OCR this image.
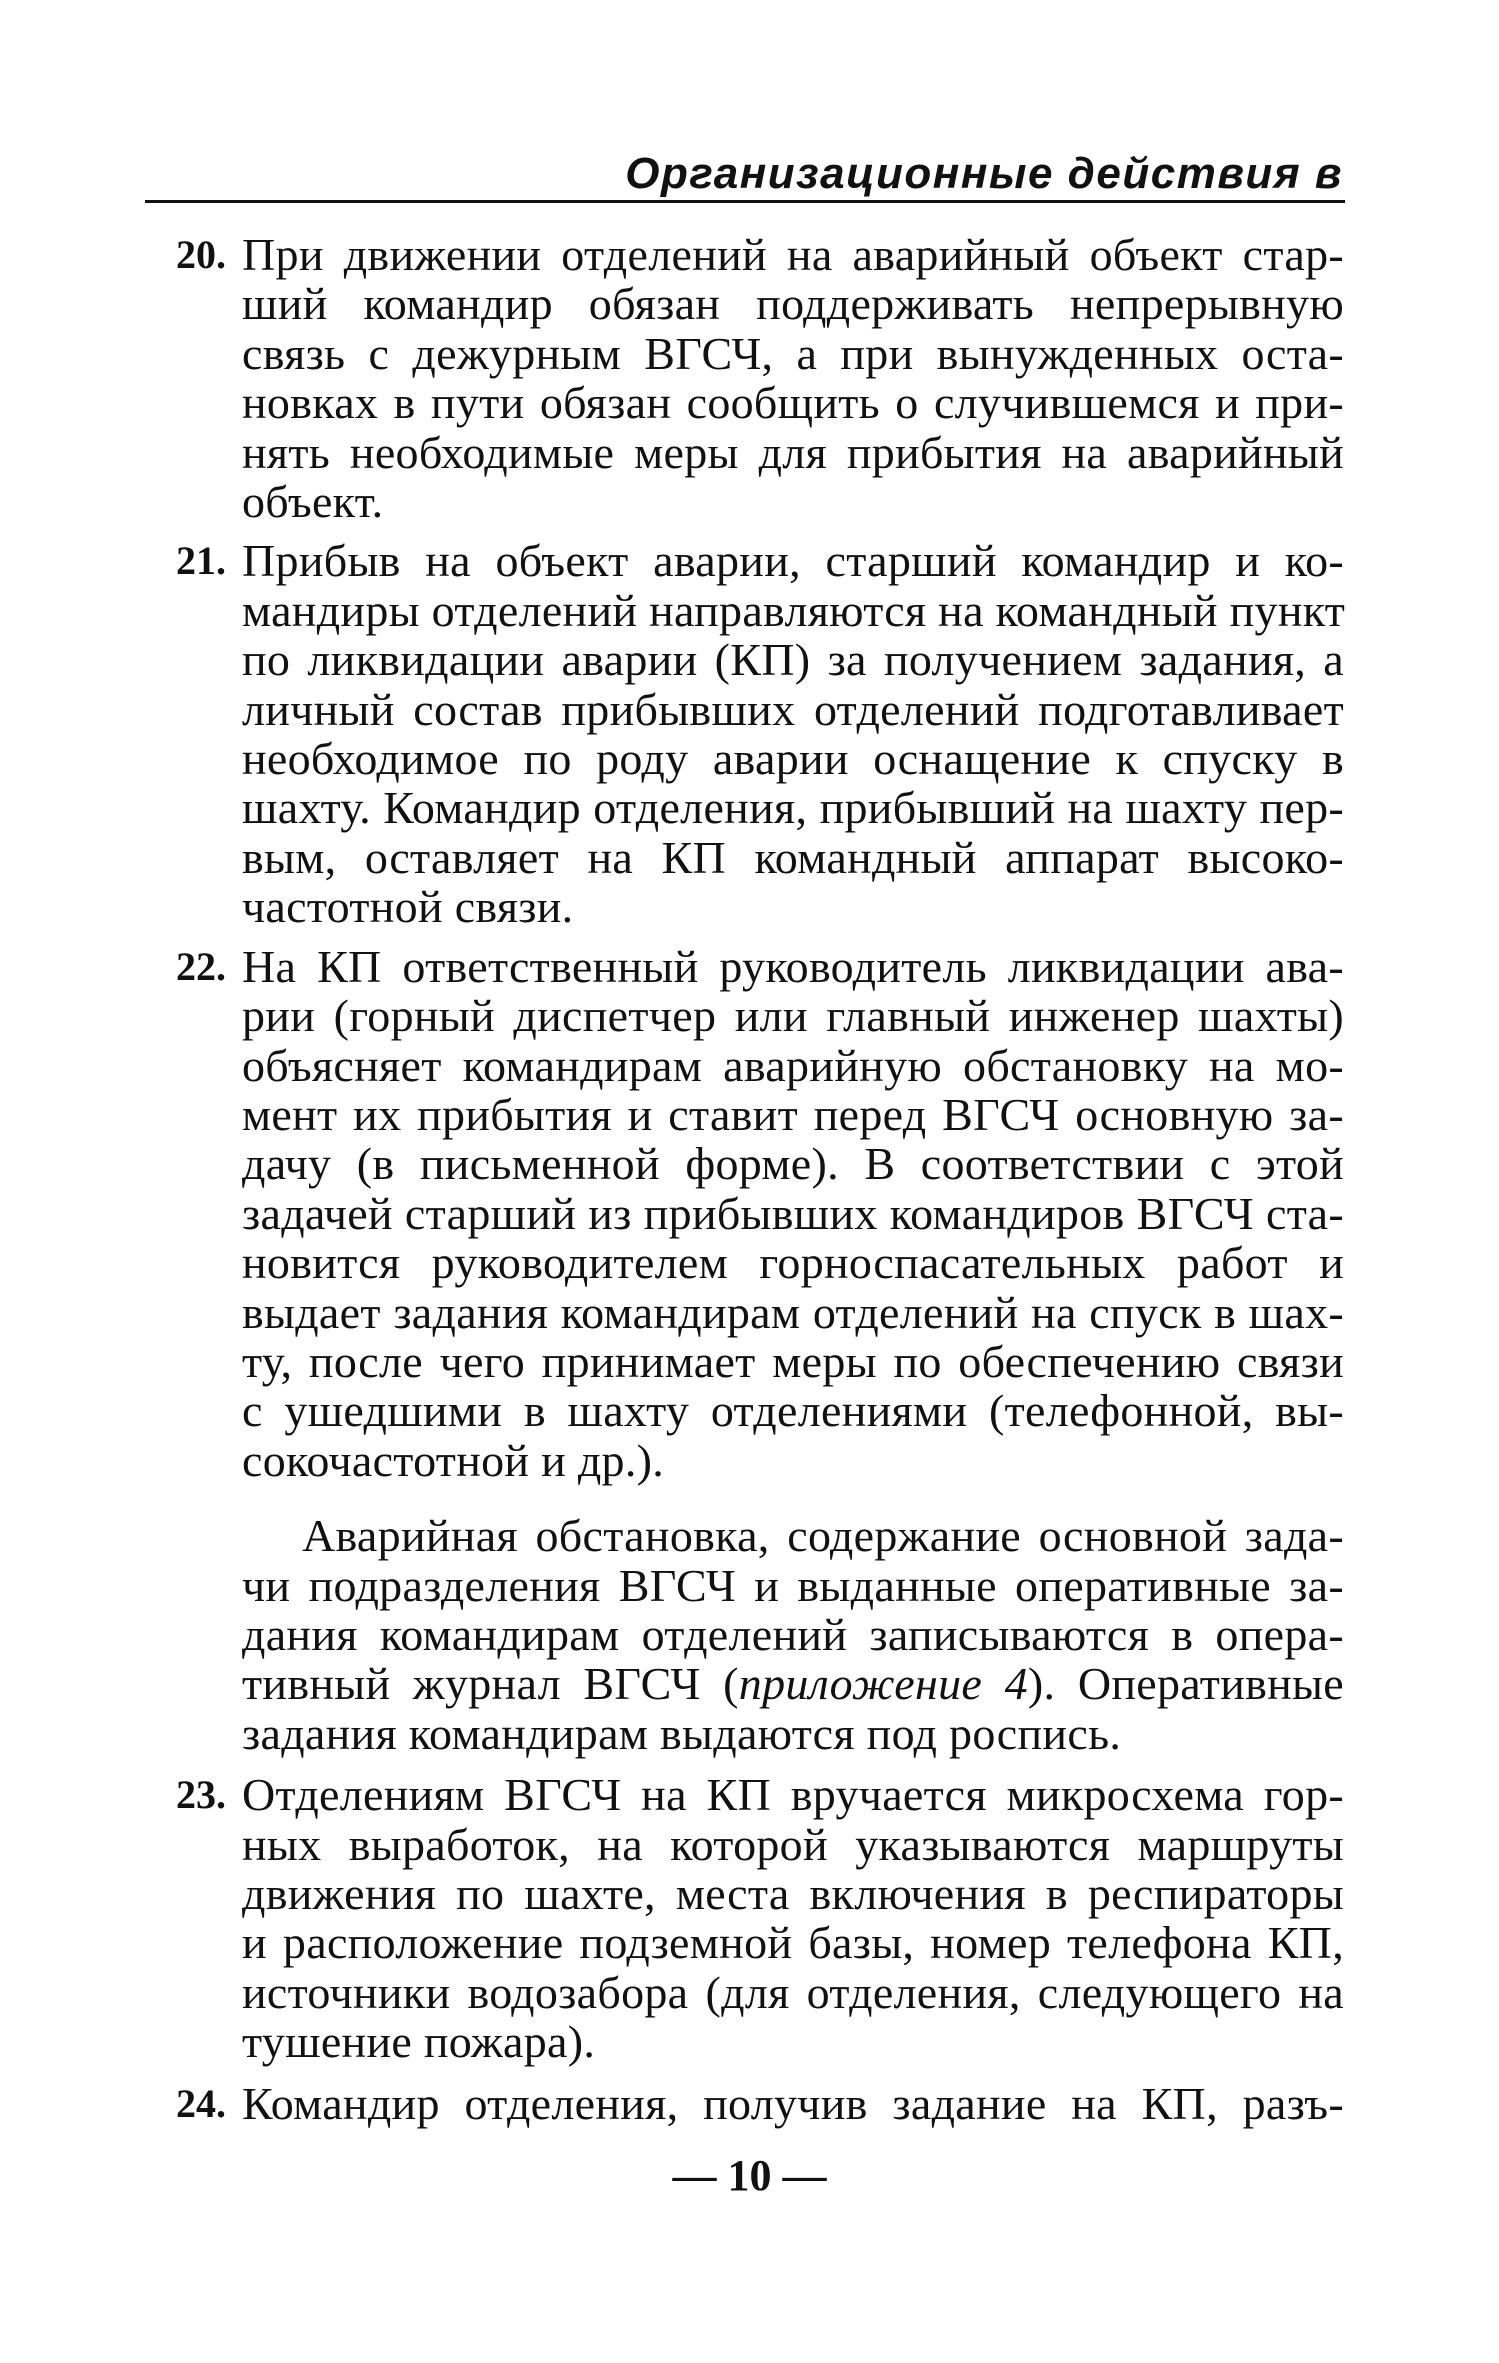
Организационные действия в
20. При движении отделений на аварийный объект стар-
ший командир обязан поддерживать непрерывную
связь с дежурным ВГСЧ, а при вынужденных оста-
новках в пути обязан сообщить о случившемся и при-
нять необходимые меры для прибытия на аварийный
объект.
21. Прибыв на объект аварии, старший командир и ко-
мандиры отделений направляются на командный пункт
по ликвидации аварии (КП) за получением задания, а
личный состав прибывших отделений подготавливает
необходимое по роду аварии оснащение к спуску в
шахту. Командир отделения, прибывший на шахту пер-
вым, оставляет на КП командный аппарат высоко-
частотной связи.
22. На КП ответственный руководитель ликвидации ава-
рии (горный диспетчер или главный инженер шахты)
объясняет командирам аварийную обстановку на мо-
мент их прибытия и ставит перед ВГСЧ основную за-
дачу (в письменной форме). В соответствии с этой
задачей старший из прибывших командиров ВГСЧ ста-
новится руководителем горноспасательных работ и
выдает задания командирам отделений на спуск в шах-
ту, после чего принимает меры по обеспечению связи
с ушедшими в шахту отделениями (телефонной, вы-
сокочастотной и др.).
Аварийная обстановка, содержание основной зада-
чи подразделения ВГСЧ и выданные оперативные за-
дания командирам отделений записываются в опера-
тивный журнал ВГСЧ (приложение 4). Оперативные
задания командирам выдаются под роспись.
23. Отделениям ВГСЧ на КП вручается микросхема гор-
ных выработок, на которой указываются маршруты
движения по шахте, места включения в респираторы
и расположение подземной базы, номер телефона КП,
источники водозабора (для отделения, следующего на
тушение пожара).
24. Командир отделения, получив задание на КП, разъ-
— 10 —
